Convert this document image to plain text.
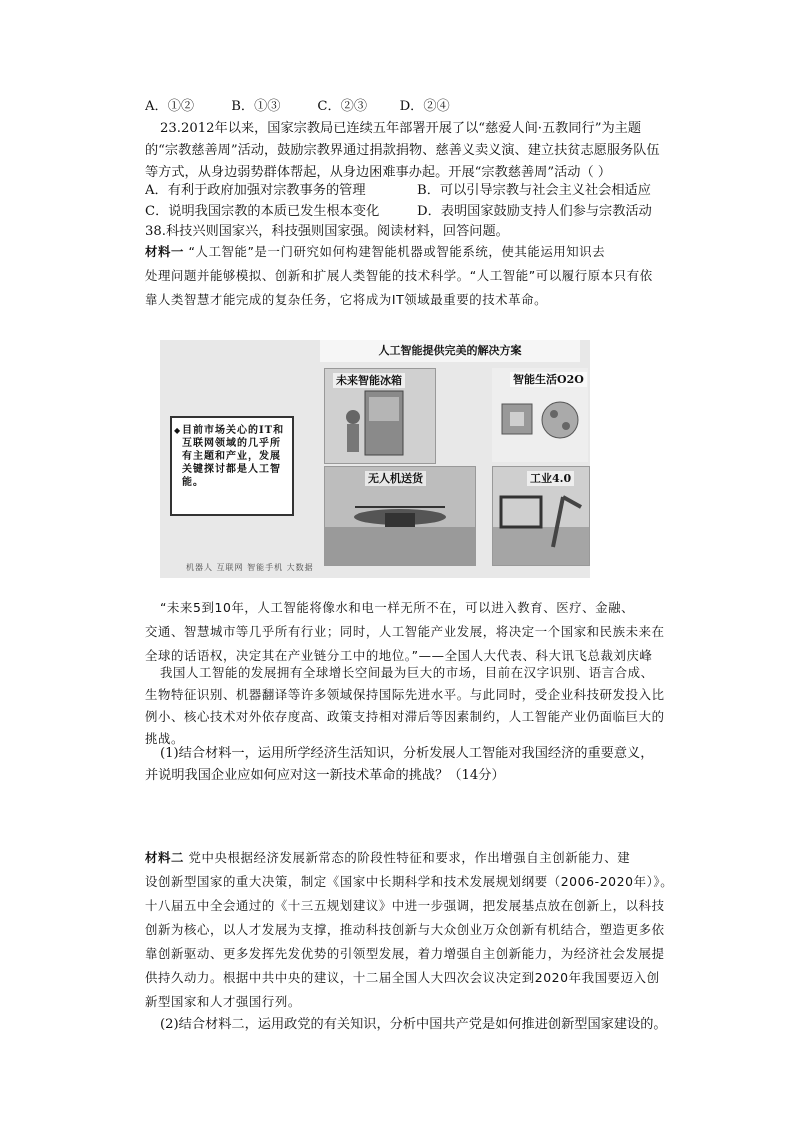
A．①②	B．①③	C．②③ D．②④
23.2012年以来，国家宗教局已连续五年部署开展了以“慈爱人间·五教同行”为主题
的“宗教慈善周”活动，鼓励宗教界通过捐款捐物、慈善义卖义演、建立扶贫志愿服务队伍
等方式，从身边弱势群体帮起，从身边困难事办起。开展“宗教慈善周”活动（ ）
A．有利于政府加强对宗教事务的管理	B．可以引导宗教与社会主义社会相适应
C．说明我国宗教的本质已发生根本变化	D．表明国家鼓励支持人们参与宗教活动
38.科技兴则国家兴，科技强则国家强。阅读材料，回答问题。
材料一 “人工智能”是一门研究如何构建智能机器或智能系统，使其能运用知识去
处理问题并能够模拟、创新和扩展人类智能的技术科学。“人工智能”可以履行原本只有依
靠人类智慧才能完成的复杂任务，它将成为IT领域最重要的技术革命。
人工智能提供完美的解决方案
◆ 目前市场关心的IT和互联网领域的几乎所有主题和产业，发展关键探讨都是人工智能。
未来智能冰箱	智能生活O2O
无人机送货	工业4.0
机器人 互联网 智能手机 大数据
“未来5到10年，人工智能将像水和电一样无所不在，可以进入教育、医疗、金融、
交通、智慧城市等几乎所有行业；同时，人工智能产业发展，将决定一个国家和民族未来在
全球的话语权，决定其在产业链分工中的地位。”——全国人大代表、科大讯飞总裁刘庆峰
我国人工智能的发展拥有全球增长空间最为巨大的市场，目前在汉字识别、语言合成、
生物特征识别、机器翻译等许多领域保持国际先进水平。与此同时，受企业科技研发投入比
例小、核心技术对外依存度高、政策支持相对滞后等因素制约，人工智能产业仍面临巨大的
挑战。
(1)结合材料一，运用所学经济生活知识，分析发展人工智能对我国经济的重要意义，
并说明我国企业应如何应对这一新技术革命的挑战？（14分）
材料二 党中央根据经济发展新常态的阶段性特征和要求，作出增强自主创新能力、建
设创新型国家的重大决策，制定《国家中长期科学和技术发展规划纲要（2006-2020年）》。
十八届五中全会通过的《十三五规划建议》中进一步强调，把发展基点放在创新上，以科技
创新为核心，以人才发展为支撑，推动科技创新与大众创业万众创新有机结合，塑造更多依
靠创新驱动、更多发挥先发优势的引领型发展，着力增强自主创新能力，为经济社会发展提
供持久动力。根据中共中央的建议，十二届全国人大四次会议决定到2020年我国要迈入创
新型国家和人才强国行列。
(2)结合材料二，运用政党的有关知识，分析中国共产党是如何推进创新型国家建设的。
